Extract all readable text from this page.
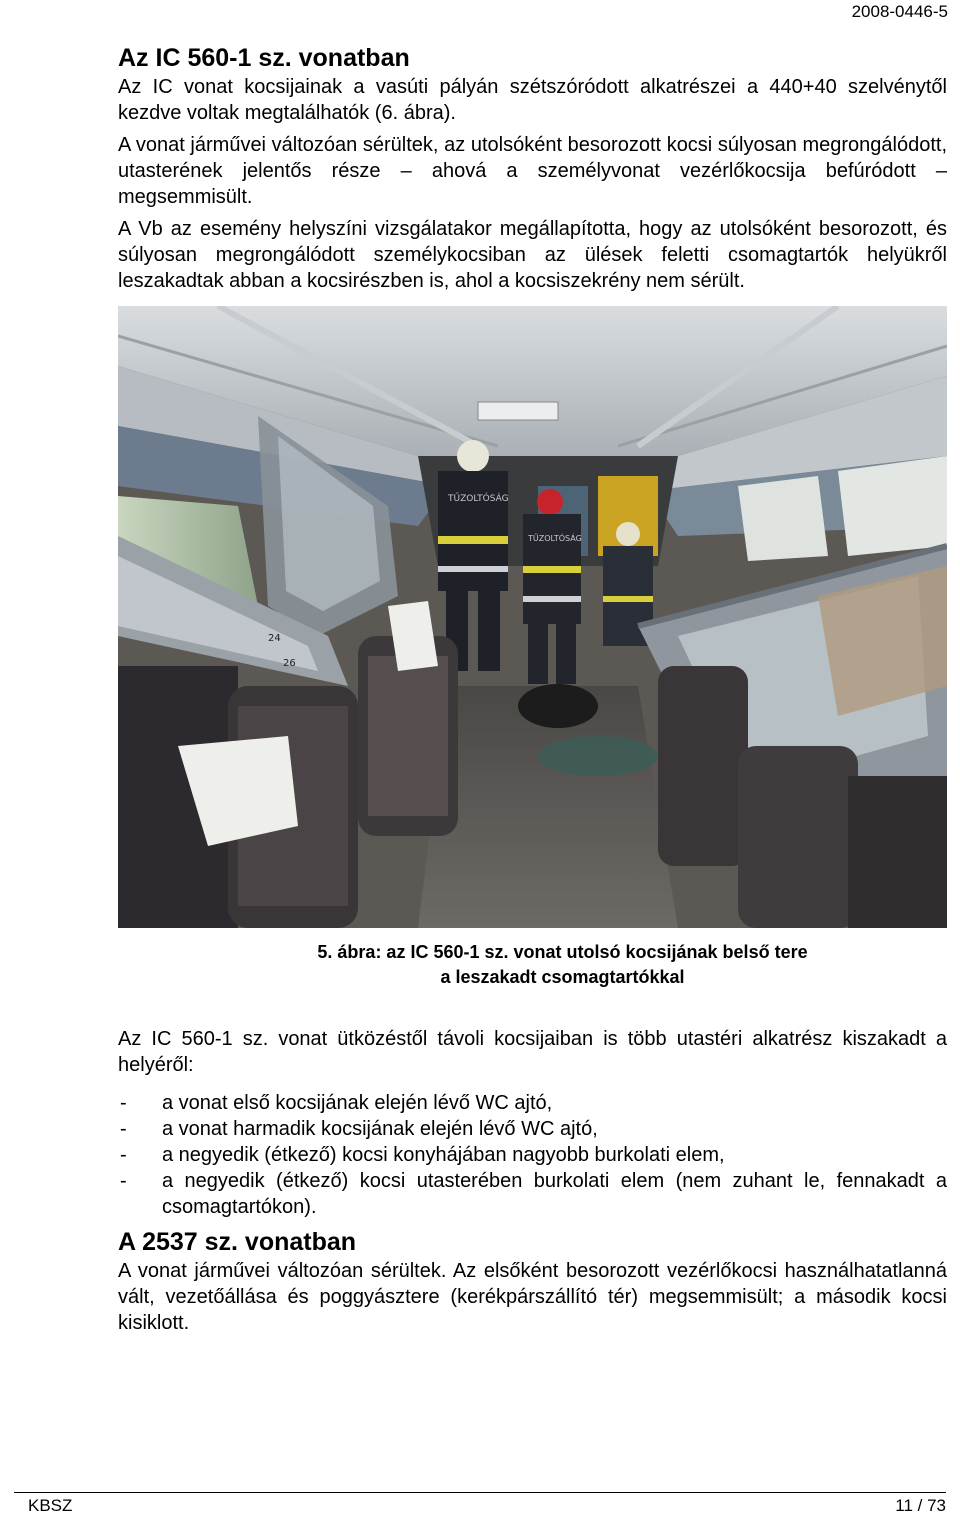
2008-0446-5
Az IC 560-1 sz. vonatban

Az IC vonat kocsijainak a vasúti pályán szétszóródott alkatrészei a 440+40 szelvénytől kezdve voltak megtalálhatók (6. ábra).

A vonat járművei változóan sérültek, az utolsóként besorozott kocsi súlyosan megrongálódott, utasterének jelentős része – ahová a személyvonat vezérlőkocsija befúródott – megsemmisült.

A Vb az esemény helyszíni vizsgálatakor megállapította, hogy az utolsóként besorozott, és súlyosan megrongálódott személykocsiban az ülések feletti csomagtartók helyükről leszakadtak abban a kocsirészben is, ahol a kocsiszekrény nem sérült.

TŰZOLTÓSÁG
TŰZOLTÓSÁG
24
26
5. ábra: az IC 560-1 sz. vonat utolsó kocsijának belső tere
a leszakadt csomagtartókkal

Az IC 560-1 sz. vonat ütközéstől távoli kocsijaiban is több utastéri alkatrész kiszakadt a helyéről:

- a vonat első kocsijának elején lévő WC ajtó,
- a vonat harmadik kocsijának elején lévő WC ajtó,
- a negyedik (étkező) kocsi konyhájában nagyobb burkolati elem,
- a negyedik (étkező) kocsi utasterében burkolati elem (nem zuhant le, fennakadt a csomagtartókon).
A 2537 sz. vonatban

A vonat járművei változóan sérültek. Az elsőként besorozott vezérlőkocsi használhatatlanná vált, vezetőállása és poggyásztere (kerékpárszállító tér) megsemmisült; a második kocsi kisiklott.

KBSZ	11 / 73
